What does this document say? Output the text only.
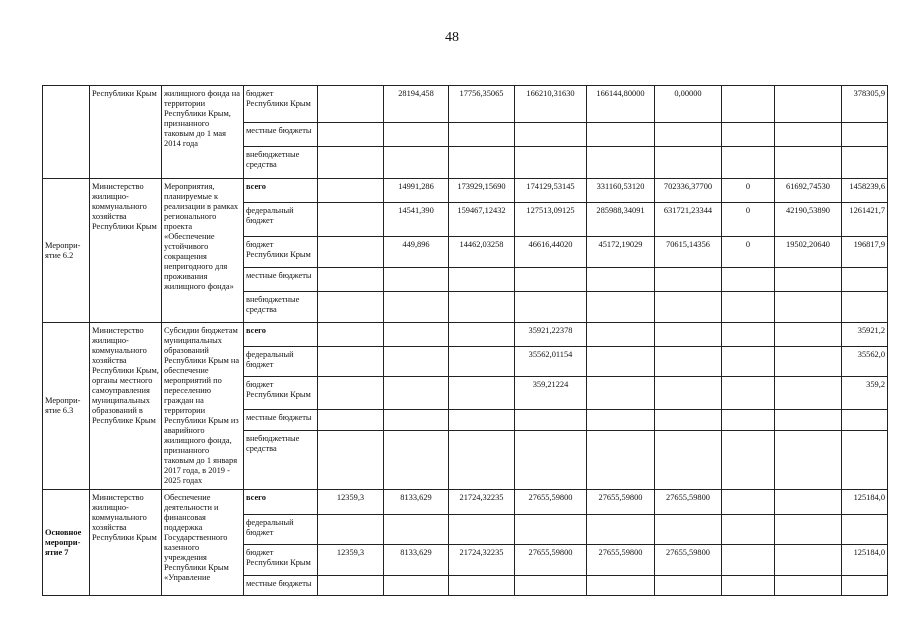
48
	Республики Крым	жилищного фонда на территории Республики Крым, признанного таковым до 1 мая 2014 года	бюджет Республики Крым		28194,458	17756,35065	166210,31630	166144,80000	0,00000			378305,9
			местные бюджеты									
			внебюджетные средства									
Меропри-ятие 6.2	Министерство жилищно-коммунального хозяйства Республики Крым	Мероприятия, планируемые к реализации в рамках регионального проекта «Обеспечение устойчивого сокращения непригодного для проживания жилищного фонда»	всего		14991,286	173929,15690	174129,53145	331160,53120	702336,37700	0	61692,74530	1458239,6
			федеральный бюджет		14541,390	159467,12432	127513,09125	285988,34091	631721,23344	0	42190,53890	1261421,7
			бюджет Республики Крым		449,896	14462,03258	46616,44020	45172,19029	70615,14356	0	19502,20640	196817,9
			местные бюджеты									
			внебюджетные средства									
Меропри-ятие 6.3	Министерство жилищно-коммунального хозяйства Республики Крым, органы местного самоуправления муниципальных образований в Республике Крым	Субсидии бюджетам муниципальных образований Республики Крым на обеспечение мероприятий по переселению граждан на территории Республики Крым из аварийного жилищного фонда, признанного таковым до 1 января 2017 года, в 2019 - 2025 годах	всего				35921,22378					35921,2
			федеральный бюджет				35562,01154					35562,0
			бюджет Республики Крым				359,21224					359,2
			местные бюджеты									
			внебюджетные средства									
Основное меропри-ятие 7	Министерство жилищно-коммунального хозяйства Республики Крым	Обеспечение деятельности и финансовая поддержка Государственного казенного учреждения Республики Крым «Управление	всего	12359,3	8133,629	21724,32235	27655,59800	27655,59800	27655,59800			125184,0
			федеральный бюджет									
			бюджет Республики Крым	12359,3	8133,629	21724,32235	27655,59800	27655,59800	27655,59800			125184,0
			местные бюджеты									
